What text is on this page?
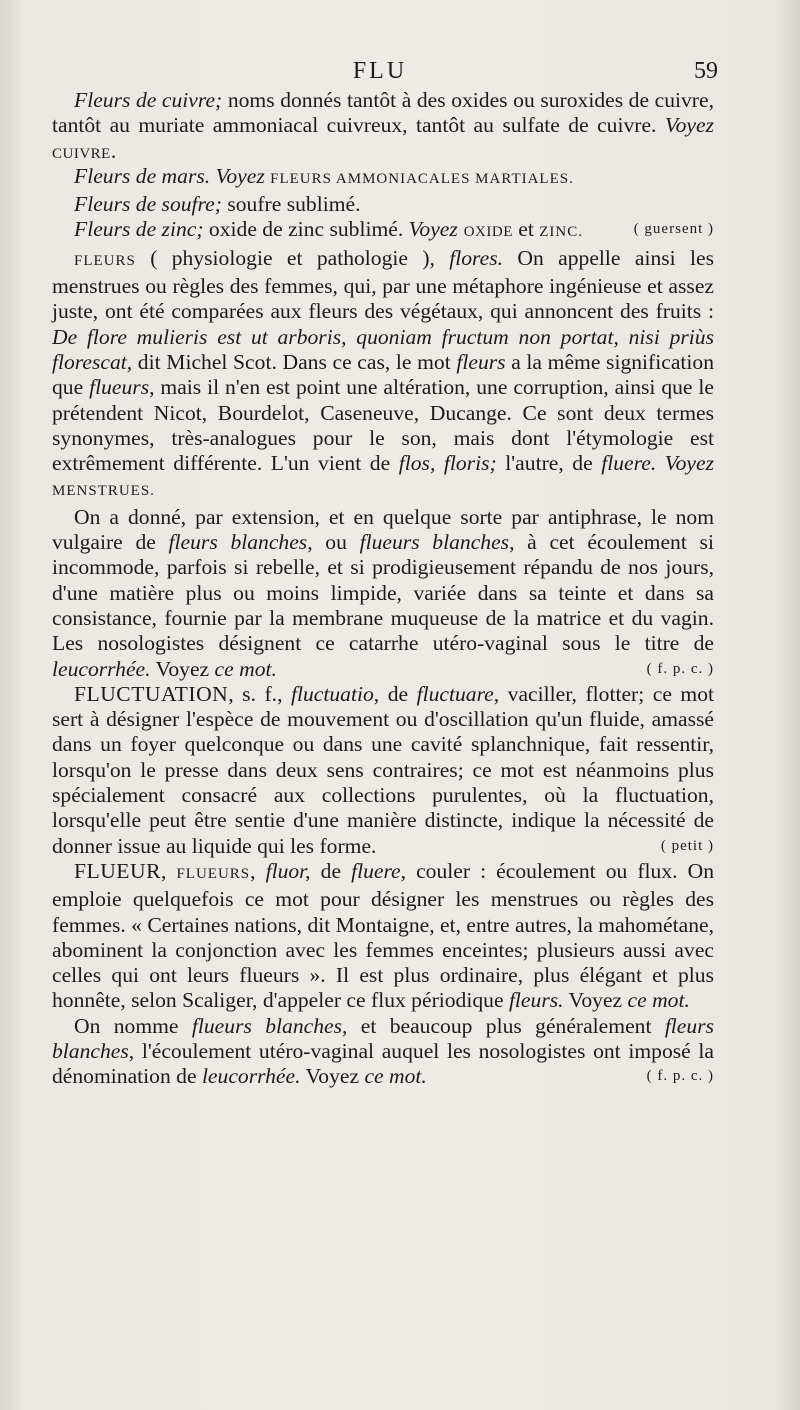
FLU	59

Fleurs de cuivre; noms donnés tantôt à des oxides ou suroxides de cuivre, tantôt au muriate ammoniacal cuivreux, tantôt au sulfate de cuivre. Voyez cuivre.

Fleurs de mars. Voyez FLEURS AMMONIACALES MARTIALES.

Fleurs de soufre; soufre sublimé.

Fleurs de zinc; oxide de zinc sublimé. Voyez oxide et ZINC.	( guersent )

FLEURS ( physiologie et pathologie ), flores. On appelle ainsi les menstrues ou règles des femmes, qui, par une métaphore ingénieuse et assez juste, ont été comparées aux fleurs des végétaux, qui annoncent des fruits : De flore mulieris est ut arboris, quoniam fructum non portat, nisi priùs florescat, dit Michel Scot. Dans ce cas, le mot fleurs a la même signification que flueurs, mais il n'en est point une altération, une corruption, ainsi que le prétendent Nicot, Bourdelot, Caseneuve, Ducange. Ce sont deux termes synonymes, très-analogues pour le son, mais dont l'étymologie est extrêmement différente. L'un vient de flos, floris; l'autre, de fluere. Voyez MENSTRUES.

On a donné, par extension, et en quelque sorte par antiphrase, le nom vulgaire de fleurs blanches, ou flueurs blanches, à cet écoulement si incommode, parfois si rebelle, et si prodigieusement répandu de nos jours, d'une matière plus ou moins limpide, variée dans sa teinte et dans sa consistance, fournie par la membrane muqueuse de la matrice et du vagin. Les nosologistes désignent ce catarrhe utéro-vaginal sous le titre de leucorrhée. Voyez ce mot.	( f. p. c. )

FLUCTUATION, s. f., fluctuatio, de fluctuare, vaciller, flotter; ce mot sert à désigner l'espèce de mouvement ou d'oscillation qu'un fluide, amassé dans un foyer quelconque ou dans une cavité splanchnique, fait ressentir, lorsqu'on le presse dans deux sens contraires; ce mot est néanmoins plus spécialement consacré aux collections purulentes, où la fluctuation, lorsqu'elle peut être sentie d'une manière distincte, indique la nécessité de donner issue au liquide qui les forme.	( petit )

FLUEUR, FLUEURS, fluor, de fluere, couler : écoulement ou flux. On emploie quelquefois ce mot pour désigner les menstrues ou règles des femmes. « Certaines nations, dit Montaigne, et, entre autres, la mahométane, abominent la conjonction avec les femmes enceintes; plusieurs aussi avec celles qui ont leurs flueurs ». Il est plus ordinaire, plus élégant et plus honnête, selon Scaliger, d'appeler ce flux périodique fleurs. Voyez ce mot.

On nomme flueurs blanches, et beaucoup plus généralement fleurs blanches, l'écoulement utéro-vaginal auquel les nosologistes ont imposé la dénomination de leucorrhée. Voyez ce mot.	( f. p. c. )
